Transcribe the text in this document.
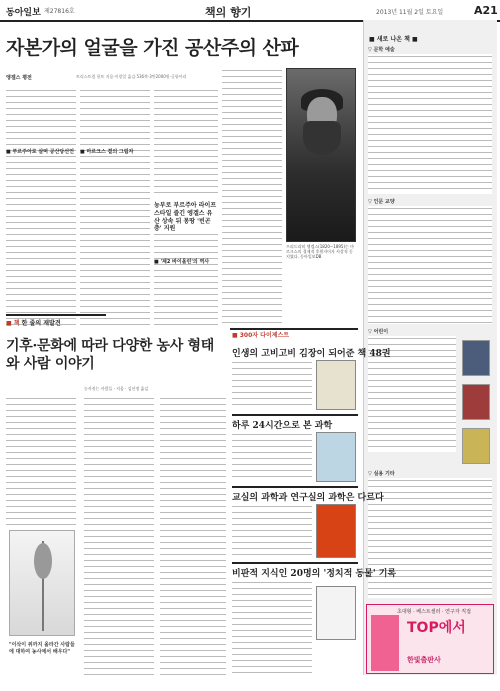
동아일보 제27816호	책의 향기	2013년 11월 2일 토요일	A21
자본가의 얼굴을 가진 공산주의 산파
엥겔스 평전	트리스트럼 헌트 지음·이광일 옮김·536쪽·3만2000원·글항아리
■ 부르주아로 살며 공산당선언	■ 마르크스 곁의 그림자
농부로 부르주아 라이프스타일 즐긴 엥겔스 유산 상속 뒤 몽땅 '빈곤층' 지원
■ '제2 바이올린'의 역사
프리드리히 엥겔스(1820∼1895)는 마르크스의 경제적 후원자이자 사상적 동지였다. 동아일보DB
■ 새로 나온 책 ■
▽ 문학 예술
▽ 인문 교양
▽ 어린이
▽ 실용 기타
초대형 · 베스트셀러 · 연구자 직접
TOP에서
한빛출판사
■ 책 한 줄의 재발견
기후·문화에 따라 다양한 농사 형태와 사람 이야기
농사짓는 사람들 · 지음 · 김선정 옮김
"이삭이 위까지 올라간 사람들에 대하여 농사에서 배우다"
■ 300자 다이제스트
인생의 고비고비 김장이 되어준 책 48권
하루 24시간으로 본 과학
교실의 과학과 연구실의 과학은 다르다
비판적 지식인 20명의 '정치적 동물' 기록
